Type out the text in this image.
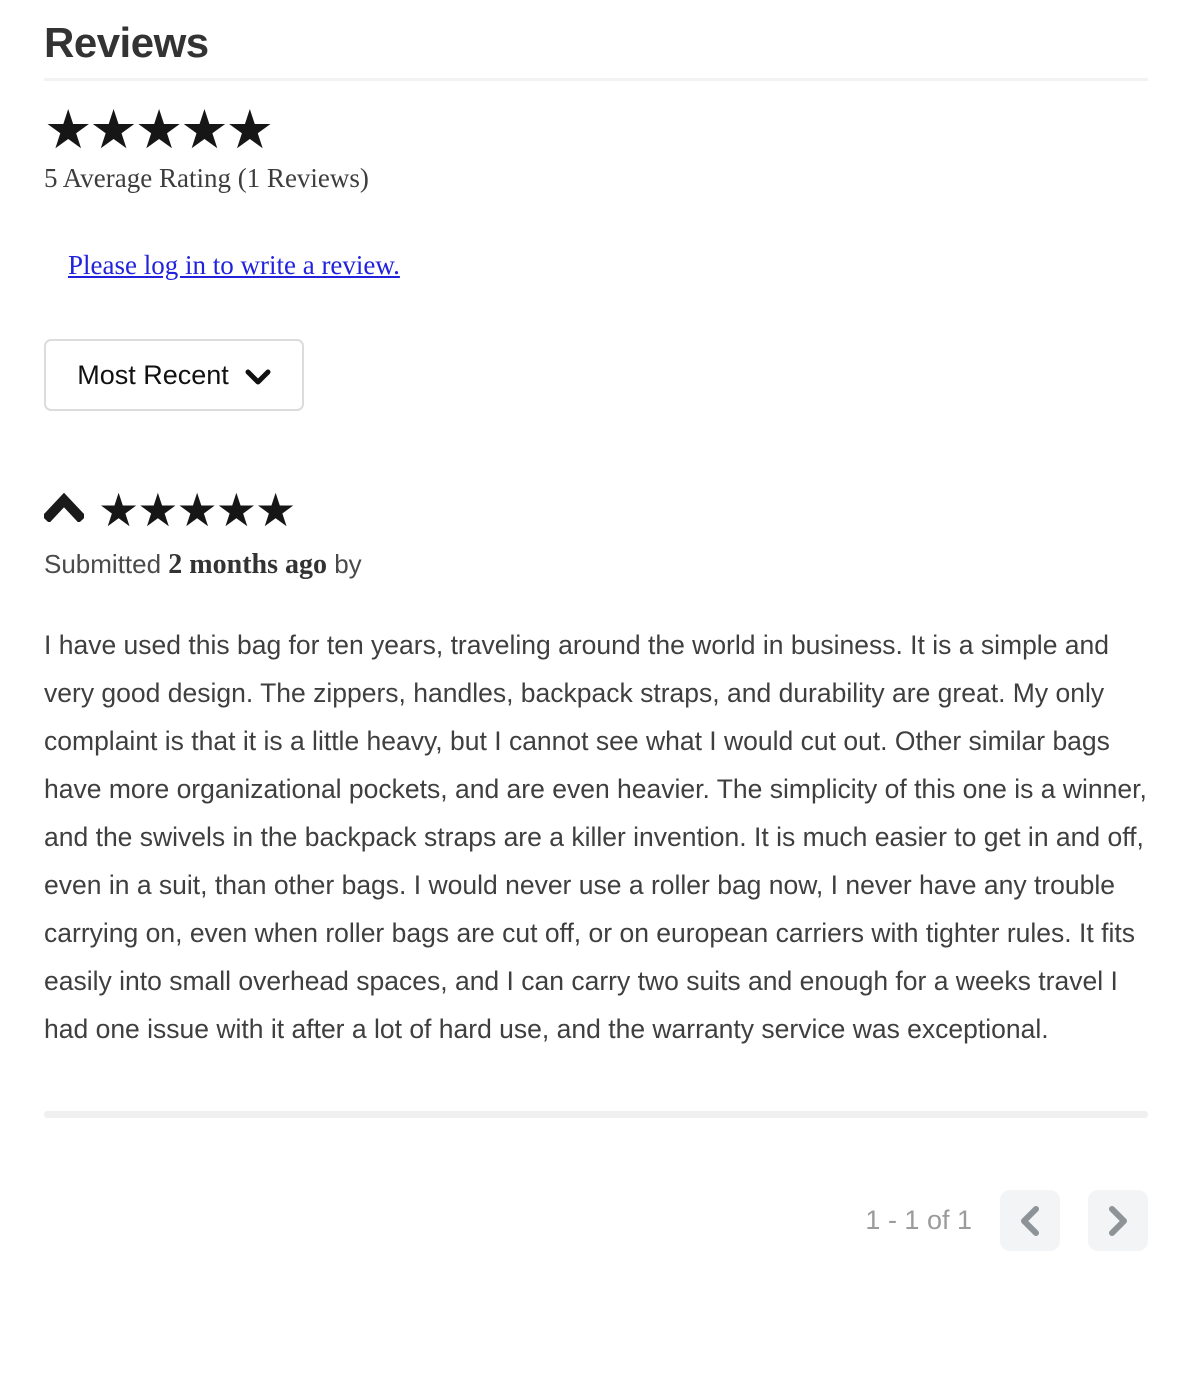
Reviews
★★★★★
5 Average Rating (1 Reviews)
Please log in to write a review.
Most Recent
★★★★★
Submitted 2 months ago by

I have used this bag for ten years, traveling around the world in business. It is a simple and very good design. The zippers, handles, backpack straps, and durability are great. My only complaint is that it is a little heavy, but I cannot see what I would cut out. Other similar bags have more organizational pockets, and are even heavier. The simplicity of this one is a winner, and the swivels in the backpack straps are a killer invention. It is much easier to get in and off, even in a suit, than other bags. I would never use a roller bag now, I never have any trouble carrying on, even when roller bags are cut off, or on european carriers with tighter rules. It fits easily into small overhead spaces, and I can carry two suits and enough for a weeks travel I had one issue with it after a lot of hard use, and the warranty service was exceptional.

1 - 1 of 1
